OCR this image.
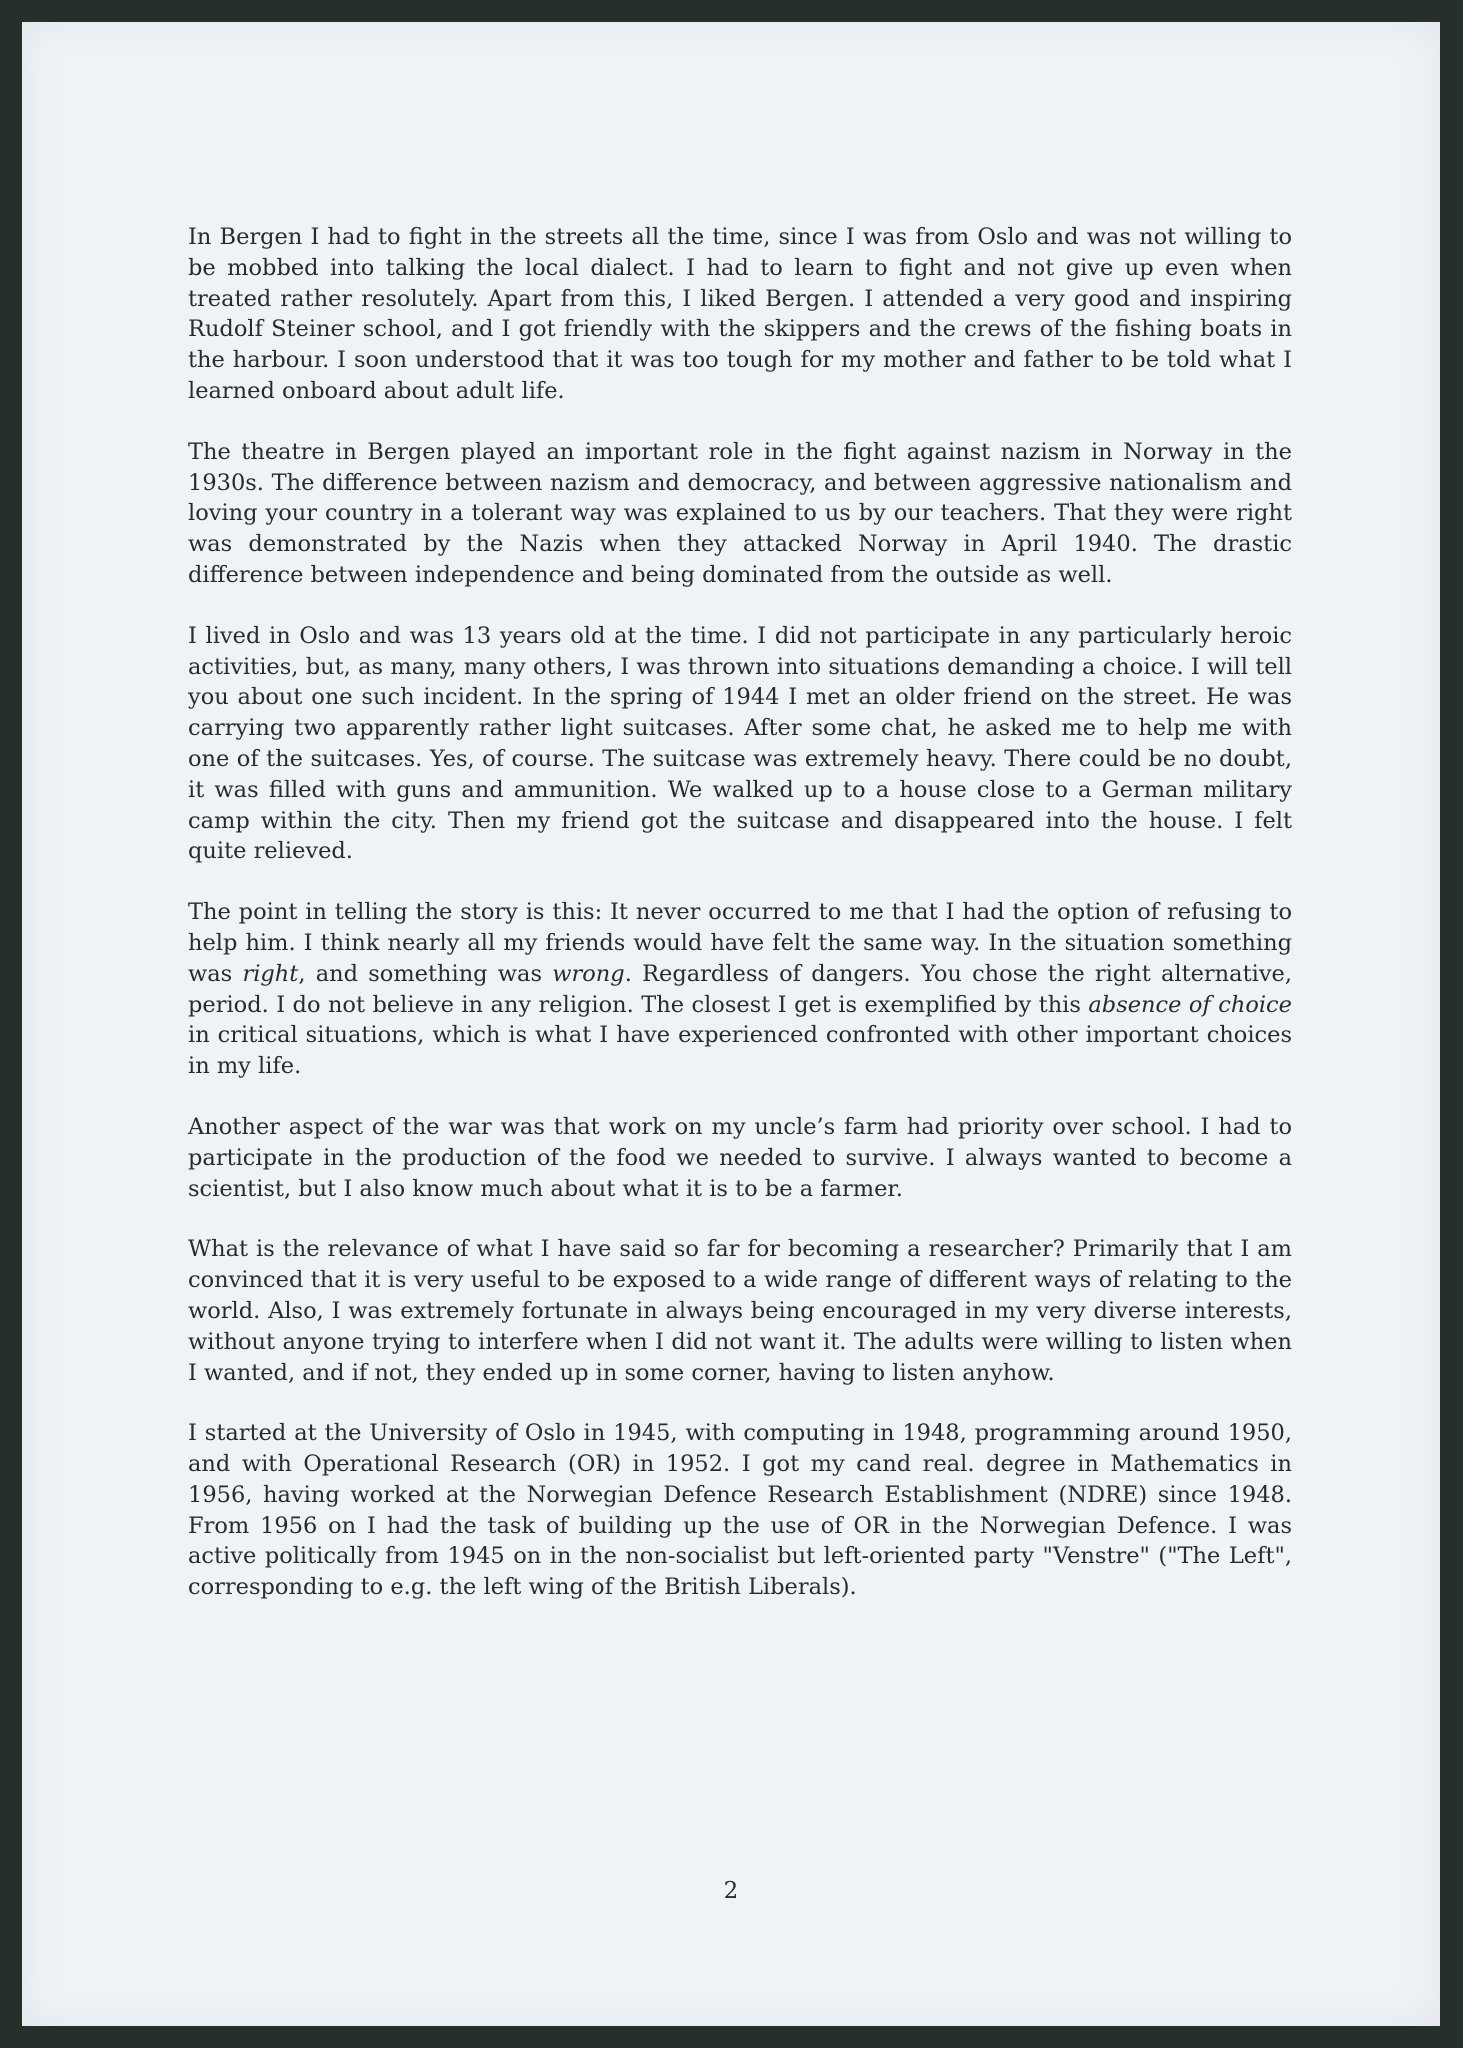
In Bergen I had to fight in the streets all the time, since I was from Oslo and was not willing to be mobbed into talking the local dialect. I had to learn to fight and not give up even when treated rather resolutely. Apart from this, I liked Bergen. I attended a very good and inspiring Rudolf Steiner school, and I got friendly with the skippers and the crews of the fishing boats in the harbour. I soon understood that it was too tough for my mother and father to be told what I learned onboard about adult life.

The theatre in Bergen played an important role in the fight against nazism in Norway in the 1930s. The difference between nazism and democracy, and between aggressive nationalism and loving your country in a tolerant way was explained to us by our teachers. That they were right was demonstrated by the Nazis when they attacked Norway in April 1940. The drastic difference between independence and being dominated from the outside as well.

I lived in Oslo and was 13 years old at the time. I did not participate in any particularly heroic activities, but, as many, many others, I was thrown into situations demanding a choice. I will tell you about one such incident. In the spring of 1944 I met an older friend on the street. He was carrying two apparently rather light suitcases. After some chat, he asked me to help me with one of the suitcases. Yes, of course. The suitcase was extremely heavy. There could be no doubt, it was filled with guns and ammunition. We walked up to a house close to a German military camp within the city. Then my friend got the suitcase and disappeared into the house. I felt quite relieved.

The point in telling the story is this: It never occurred to me that I had the option of refusing to help him. I think nearly all my friends would have felt the same way. In the situation something was right, and something was wrong. Regardless of dangers. You chose the right alternative, period. I do not believe in any religion. The closest I get is exemplified by this absence of choice in critical situations, which is what I have experienced confronted with other important choices in my life.

Another aspect of the war was that work on my uncle’s farm had priority over school. I had to participate in the production of the food we needed to survive. I always wanted to become a scientist, but I also know much about what it is to be a farmer.

What is the relevance of what I have said so far for becoming a researcher? Primarily that I am convinced that it is very useful to be exposed to a wide range of different ways of relating to the world. Also, I was extremely fortunate in always being encouraged in my very diverse interests, without anyone trying to interfere when I did not want it. The adults were willing to listen when I wanted, and if not, they ended up in some corner, having to listen anyhow.

I started at the University of Oslo in 1945, with computing in 1948, programming around 1950, and with Operational Research (OR) in 1952. I got my cand real. degree in Mathematics in 1956, having worked at the Norwegian Defence Research Establishment (NDRE) since 1948. From 1956 on I had the task of building up the use of OR in the Norwegian Defence. I was active politically from 1945 on in the non-socialist but left-oriented party "Venstre" ("The Left", corresponding to e.g. the left wing of the British Liberals).

2
